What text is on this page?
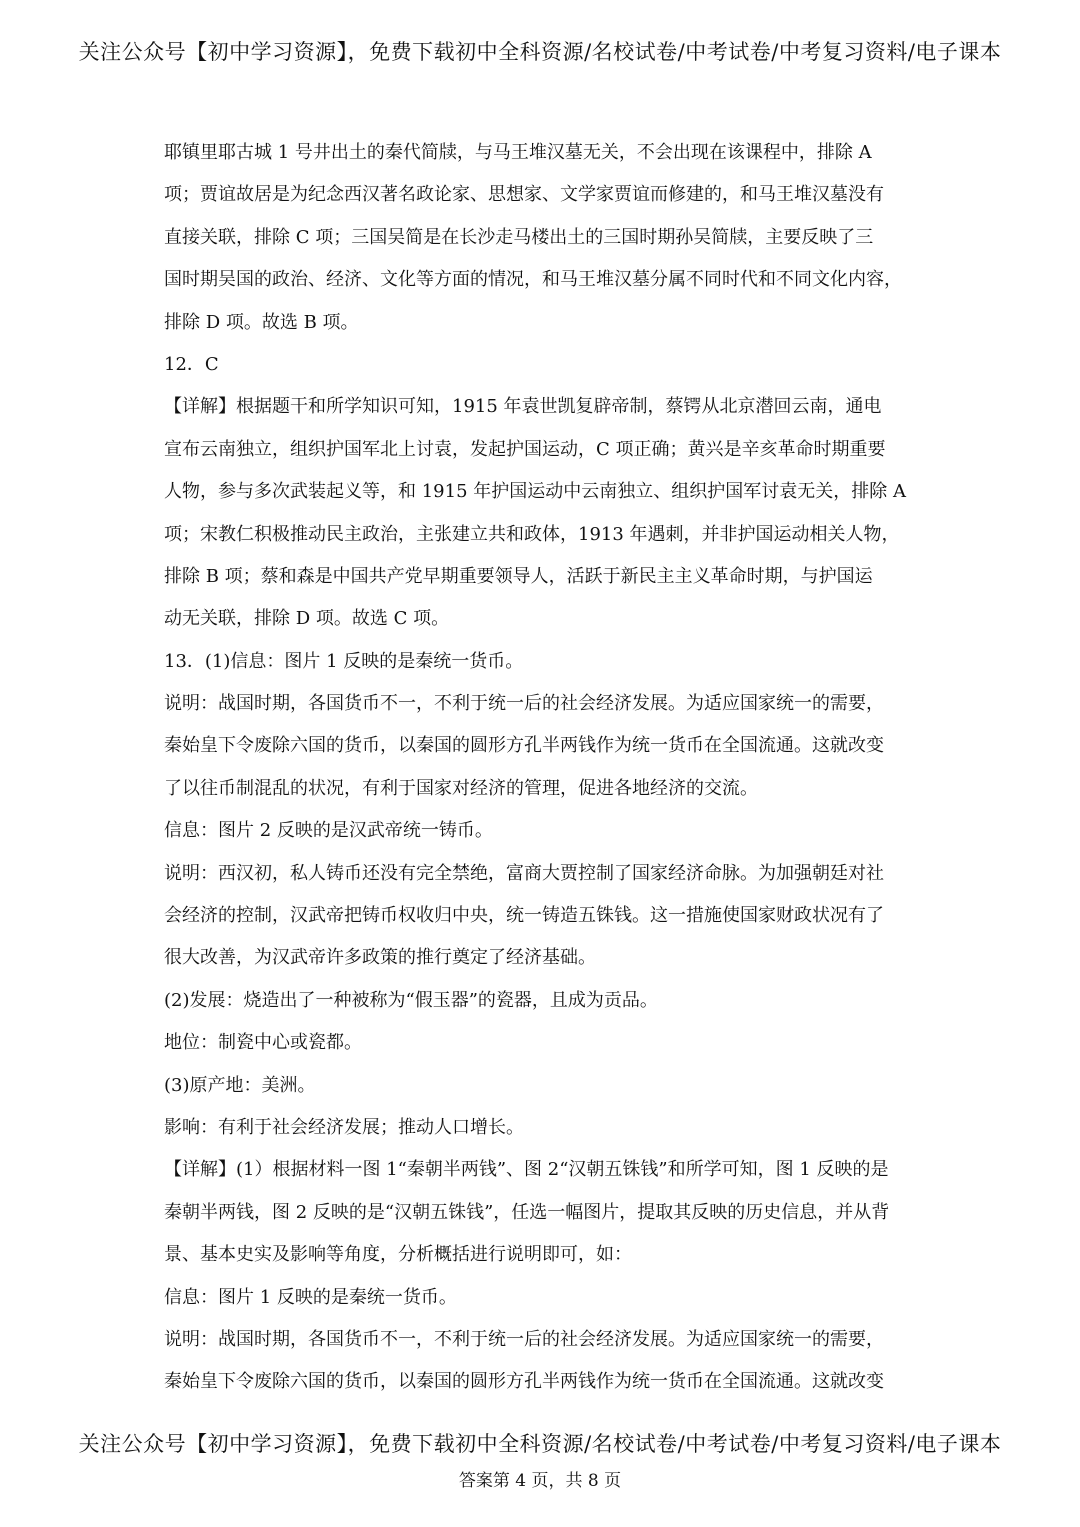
关注公众号【初中学习资源】，免费下载初中全科资源/名校试卷/中考试卷/中考复习资料/电子课本
耶镇里耶古城 1 号井出土的秦代简牍，与马王堆汉墓无关，不会出现在该课程中，排除 A
项；贾谊故居是为纪念西汉著名政论家、思想家、文学家贾谊而修建的，和马王堆汉墓没有
直接关联，排除 C 项；三国吴简是在长沙走马楼出土的三国时期孙吴简牍，主要反映了三
国时期吴国的政治、经济、文化等方面的情况，和马王堆汉墓分属不同时代和不同文化内容，
排除 D 项。故选 B 项。
12．C
【详解】根据题干和所学知识可知，1915 年袁世凯复辟帝制，蔡锷从北京潜回云南，通电
宣布云南独立，组织护国军北上讨袁，发起护国运动，C 项正确；黄兴是辛亥革命时期重要
人物，参与多次武装起义等，和 1915 年护国运动中云南独立、组织护国军讨袁无关，排除 A
项；宋教仁积极推动民主政治，主张建立共和政体，1913 年遇刺，并非护国运动相关人物，
排除 B 项；蔡和森是中国共产党早期重要领导人，活跃于新民主主义革命时期，与护国运
动无关联，排除 D 项。故选 C 项。
13．(1)信息：图片 1 反映的是秦统一货币。
说明：战国时期，各国货币不一，不利于统一后的社会经济发展。为适应国家统一的需要，
秦始皇下令废除六国的货币，以秦国的圆形方孔半两钱作为统一货币在全国流通。这就改变
了以往币制混乱的状况，有利于国家对经济的管理，促进各地经济的交流。
信息：图片 2 反映的是汉武帝统一铸币。
说明：西汉初，私人铸币还没有完全禁绝，富商大贾控制了国家经济命脉。为加强朝廷对社
会经济的控制，汉武帝把铸币权收归中央，统一铸造五铢钱。这一措施使国家财政状况有了
很大改善，为汉武帝许多政策的推行奠定了经济基础。
(2)发展：烧造出了一种被称为“假玉器”的瓷器，且成为贡品。
地位：制瓷中心或瓷都。
(3)原产地：美洲。
影响：有利于社会经济发展；推动人口增长。
【详解】(1）根据材料一图 1“秦朝半两钱”、图 2“汉朝五铢钱”和所学可知，图 1 反映的是
秦朝半两钱，图 2 反映的是“汉朝五铢钱”，任选一幅图片，提取其反映的历史信息，并从背
景、基本史实及影响等角度，分析概括进行说明即可，如：
信息：图片 1 反映的是秦统一货币。
说明：战国时期，各国货币不一，不利于统一后的社会经济发展。为适应国家统一的需要，
秦始皇下令废除六国的货币，以秦国的圆形方孔半两钱作为统一货币在全国流通。这就改变
关注公众号【初中学习资源】，免费下载初中全科资源/名校试卷/中考试卷/中考复习资料/电子课本
答案第 4 页，共 8 页
